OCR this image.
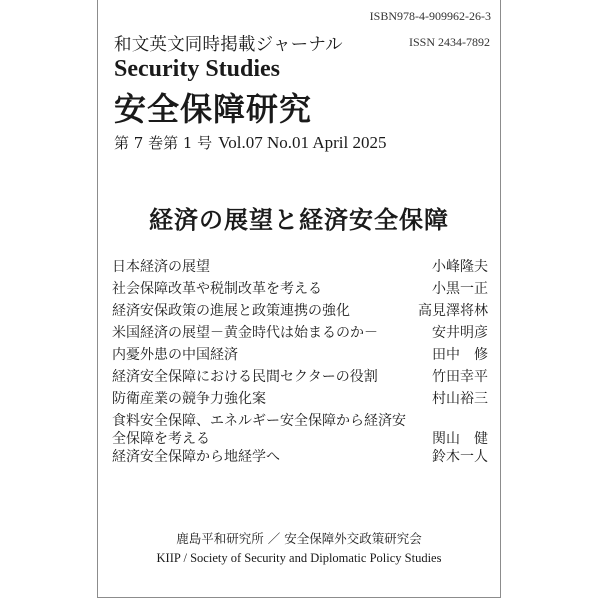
ISBN978-4-909962-26-3
ISSN 2434-7892
和文英文同時掲載ジャーナル
Security Studies
安全保障研究
第 7 巻第 1 号 Vol.07 No.01 April 2025
経済の展望と経済安全保障
日本経済の展望	小峰隆夫
社会保障改革や税制改革を考える	小黒一正
経済安保政策の進展と政策連携の強化	高見澤将林
米国経済の展望－黄金時代は始まるのか－	安井明彦
内憂外患の中国経済	田中　修
経済安全保障における民間セクターの役割	竹田幸平
防衛産業の競争力強化案	村山裕三
食料安全保障、エネルギー安全保障から経済安全保障を考える	関山　健
経済安全保障から地経学へ	鈴木一人
鹿島平和研究所 ／ 安全保障外交政策研究会
KIIP / Society of Security and Diplomatic Policy Studies
